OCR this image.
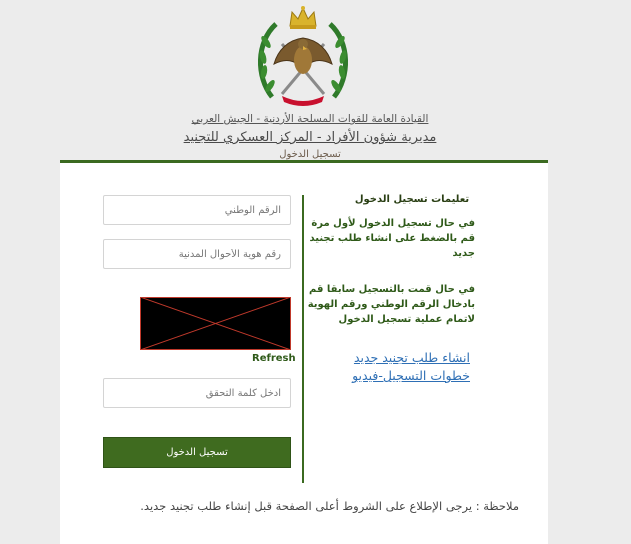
القيادة العامة للقوات المسلحة الأردنية - الجيش العربي
مديرية شؤون الأفراد - المركز العسكري للتجنيد
تسجيل الدخول
الرقم الوطني
رقم هوية الأحوال المدنية
Refresh
ادخل كلمة التحقق
تسجيل الدخول
تعليمات تسجيل الدخول
في حال تسجيل الدخول لأول مرة قم بالضغط على انشاء طلب تجنيد جديد
في حال قمت بالتسجيل سابقا قم بادخال الرقم الوطني ورقم الهوية لاتمام عملية تسجيل الدخول
انشاء طلب تجنيد جديد
خطوات التسجيل-فيديو
ملاحظة : يرجى الإطلاع على الشروط أعلى الصفحة قبل إنشاء طلب تجنيد جديد.
